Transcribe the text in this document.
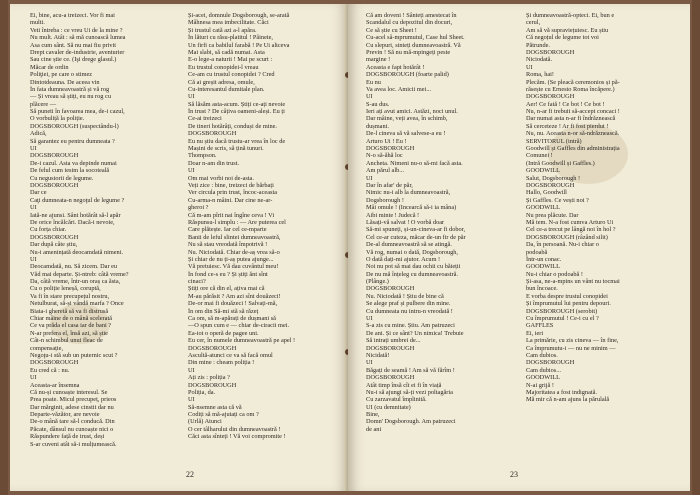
Ei, bine, acu-a treizeci. Vor fi mai
multi.
Veti întreba : ce vreu Ui de la mine ?
Nu mult. Atât : să mă cunoască lumea
Asa cum sânt. Să nu mai fiu privit
Drept cavaler de-industrie, aventurier
Sau cine știe ce. (Işi drege glasul.)
Măcar de ordin
Poliţiei, pe care o stimez
Dintotdeauna. De aceea vin
În fata dumneavoastră și vă rog
— Și vreau să știți, eu nu rog cu
plăcere —
Să puneti în favoarea mea, de-i cazul,
O vorbuliță la poliție.
DOGSBOROUGH (suspectându-l)
Adică,
Să garantez eu pentru dumneata ?
UI
DOGSBOROUGH
De-i cazul. Asta va depinde numai
De felul cum iesim la socoteală
Cu negustorii de legume.
DOGSBOROUGH
Dar ce
Caţi dumneata-n negoţul de legume ?
UI
Iată-ne ajunsi. Sânt hotărât să-l apăr
De orice încălcări. Dacă-i nevoie,
Cu forța chiar.
DOGSBOROUGH
Dar după câte știu,
Nu-i amenințată deocamdată nimeni.
UI
Deocamdată, nu. Să zicem. Dar eu
Văd mai departe. Și-ntreb: câtă vreme?
Da, câtă vreme, într-un oraș ca ăsta,
Cu o poliție leneșă, coruptă,
Va fi în stare precupețul nostru,
Netulburat, să-și vândă marfa ? Once
Biata-i gheretă să va fi distrusă
Chiar mâine de o mână scelerată
Ce va prăda el casa iar de bani ?
N-ar prefera el, însă azi, să știe
Cât-n schimbul unui fleac de
compensație,
Negoţu-i stă sub un puternic scut ?
DOGSBOROUGH
Eu cred că : nu.
UI
Aceasta-ar însemna
Că nu-și cunoaște interesul. Se
Prea poate. Micul precupeț, prieos
Dar mărginit, adese cinstit dar nu
Departe-văzător, are nevoie
De-o mână tare să-l conducă. Din
Păcate, dânsul nu cunoaște nici o
Răspundere față de trust, deși
S-ar cuveni atât să-i mulțumească.
Și-acei, domnule Dogsborough, se-arată
Mâhnesa mea imbecilitate. Căci
Și trustul cată azi a-l apăra.
În lături cu răsu-platitul ! Pâinete,
Un firfi ca babilul farabă ! Pe Ui altceva
Mai slabi, să cadă numai. Asta
E-o lege-a naturii ! Mai pe scurt :
Eu trustul conopidei-l vreau
Ce-am cu trustul conopidei ? Cred
Că ai greșit adresa, omule,
Cu-interesantul dumitale plan.
UI
Să lăsăm asta-acum. Știți ce-ați nevoie
În trust ? De câțiva oameni-aleși. Eu ți
Ce-ai treizeci
De tineri hotărâți, conduși de mine.
DOGSBOROUGH
Eu nu știu dacă trustu-ar vrea în loc de
Mașini de scris, să țină tunuri.
Thompson.
Doar n-am din trust.
UI
Om mai vorbi noi de-asta.
Veți zice : bine, treizeci de bărbați
Ver circula prin trust, încoc-aceasta
Cu-arma-n mâini. Dar cine ne-ar-
gheroi ?
Că m-am pîrit nai îngîne ceva ! Vi
Răspunsu-l simplu : — Are puterea cel
Care plătește. Iar cel ce-mparte
Banii de leful slintei dumneavoastră,
Nu să stau vreodată împotrivă !
Nu. Niciodată. Chiar de-aș vrea să-o
Și chiar de nu ți-aș putea ajunge...
Vă pretuiesc. Vă dau cuvântul meu!
În fond ce-s eu ? Și știți ănt sînt
cinaci?
Știți ore că din el, ațiva mai că
M-au părăsit ? Am azi sînt douăzeci!
De-or mai fi douăzeci ! Salvați-mă,
În om din Să-mi stă să răzeț
Ca om, să m-apărați de dușmani să
—O spun cum e — chiar de-ciracii mei.
Ea-iot o operă de pagee uni.
Eu cer, în numele dumneavoastră pe apel !
DOGSBOROUGH
Ascultă-atunci ce va să facă omul
Din mine : cheam poliția !
UI
Ați zis : poliția ?
DOGSBOROUGH
Poliția, da.
UI
Să-nsemne asta că vă
Codiți să mă-ajutați ca om ?
(Urlă) Atunci
O cer tâlharului din dumneavoastră !
Căci asta sînteți ! Vă voi compromite !
22
Că am doveni ! Sânteți amestecat în
Scandalul cu depozitul din docuri,
Ce să știe cu Sheet !
Cu-acel sâ-mprumutul, Case hul Sheet.
Cu slepuri, sinteți dumneavoastră. Vă
Previn ! Să nu mă-mpingeți peste
margine !
Aceasta e fapt hotărât !
DOGSBOROUGH (foarte palid)
Eu nu
Va avea loc. Amicii mei...
UI
S-au dus.
Ieri ați avut amici. Astăzi, noci unul.
Dar mâine, veți avea, în schimb,
dușmani.
De-l cineva să vă salvese-a eu !
Arturo Ui ! Eu !
DOGSBOROUGH
N-o să-ăhă loc
Ancheta. Nimeni nu-o să-mi facă asta.
Am părul alb...
UI
Dar în afar' de păr,
Nimic nu-i alb la dumneavoastră,
Dogsborough !
Mâi omule ! (Incearcă să-i ia mâna)
Aibi minte ! Judecă !
Lăsați-vă salvat ! O vorbă doar
Să-mi spuneți, și-un-cineva-ar fi dobor,
Cel ce-ar cuteza, măcar de-un fir de păr
De-al dumneavoastră să se atingă.
Vă rog, numai o dată, Dogsborough,
O dată dați-mi ajutor. Acum !
Noi nu pot să mai dau ochii cu băieții
De nu mă înțeleg cu dumneavoastră.
(Plânge.)
DOGSBOROUGH
Nu. Niciodată ! Știu de bine că
Se alege praf și pulbere din mine.
Cu dumneata nu intru-n vreodată !
UI
S-a zis cu mine. Știu. Am patruzeci
De ani. Și ce sânt? Un nimica! Trebuie
Să intrați umbrei de...
DOGSBOROUGH
Nicidată!
UI
Băgați de seamă ! Am să vă fărîm !
DOGSBOROUGH
Atât timp însă cît ei fi în viață
Nu-i să ajungi să-ți vezi poltagăria
Cu zarzavatul împlinită.
UI (cu demnitate)
Bine,
Domn' Dogsborough. Am patruzeci
de ani
Și dumneavoastră-opteci. Ei, bun e
cerul,
Am să vă supraviețuiesc. Eu știu
Că negoțul de legume tot voi
Pătrunde.
DOGSBOROUGH
Niciodată.
UI
Roma, hai!
Plecăm. (Se pleacă ceremonios și pă-
răsește cu Ernesto Roma încăpere.)
DOGSBOROUGH
Aer! Ce fată ! Ce bot ! Ce bot !
Nu, n-ar fi trebuit să-accept concaci !
Dar numai asta n-ar fi îndrăznească
Să cerceteze ! Ar fi fost pierdut !
Nu, nu. Aceasta n-or să-ndrăznească.
SERVITORUL (intră)
Goodwill și Gaffles din administrația
Comunei !
(Intră Goodwill și Gaffles.)
GOODWILL
Salut, Dogsborough !
DOGSBOROUGH
Hallo, Goodwill
Și Gaffles. Ce vești noi ?
GOODWILL
Nu prea plăcute. Dar
Mă tem. N-a fost cumva Arturo Ui
Cel ce-a trecut pe lângă noi în hol ?
DOGSBOROUGH (râzând silit)
Da, în persoană. Nu-i chiar o
podoabă
Într-un conac.
GOODWILL
Nu-i chiar o podoabă !
Și-asa, ne-a-mpins un vânt nu tocmai
bun încoace.
E vorba despre trustul conopidei
Și împrumutul lui pentru depouri.
DOGSBOROUGH (serobit)
Cu împrumutul ! Ce-i cu el ?
GAFFLES
Ei, ieri
La primărie, cu zis cineva — în fine,
Ca împrumutu-i — nu ne minim —
Cam dubios.
DOGSBOROUGH
Cam dubios...
GOODWILL
N-ai grijă !
Majoritatea a fost indignată.
Mă mir că n-am ajuns la părulală
23
